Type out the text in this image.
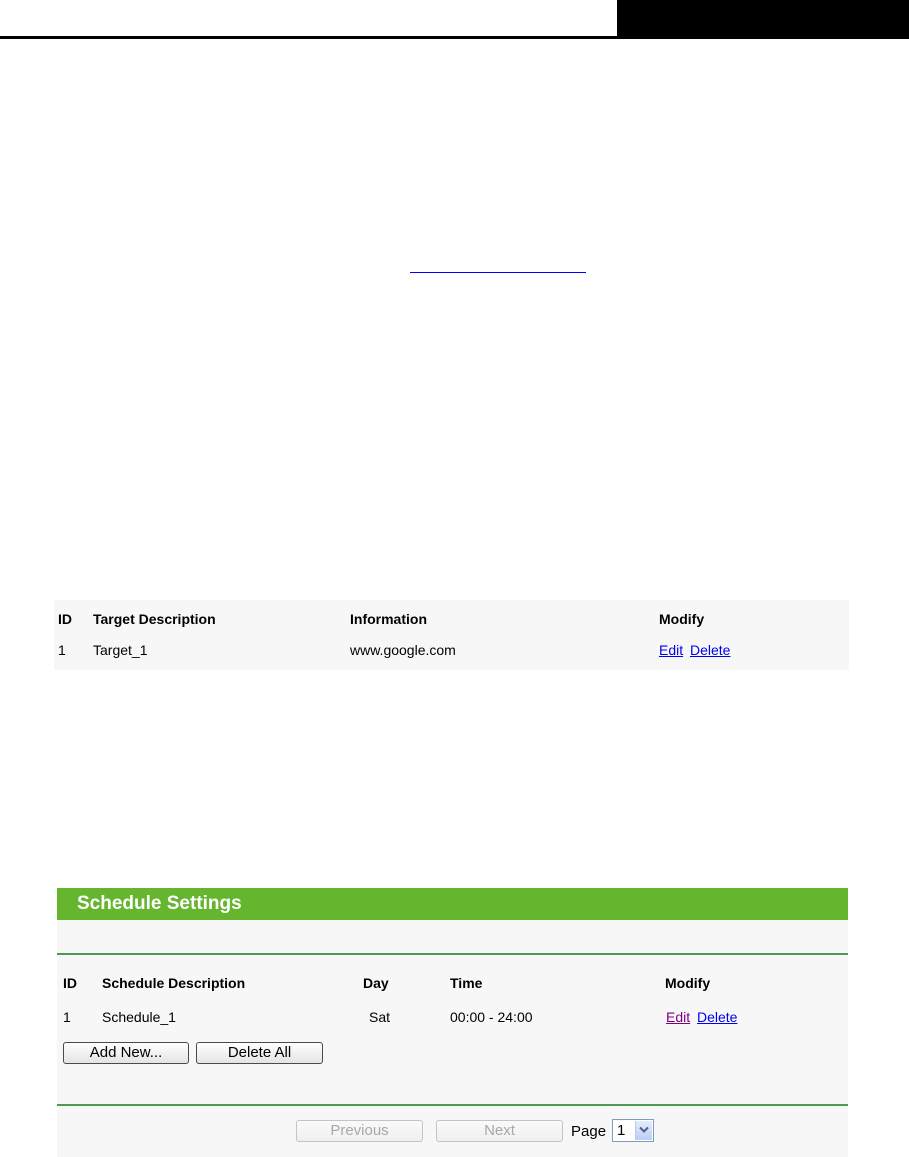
ID Target Description	Information	Modify
1 Target_1	www.google.com	Edit Delete
Schedule Settings
ID Schedule Description	Day	Time	Modify
1 Schedule_1	Sat	00:00 - 24:00	Edit Delete
Add New...	Delete All
Previous	Next	Page 1
